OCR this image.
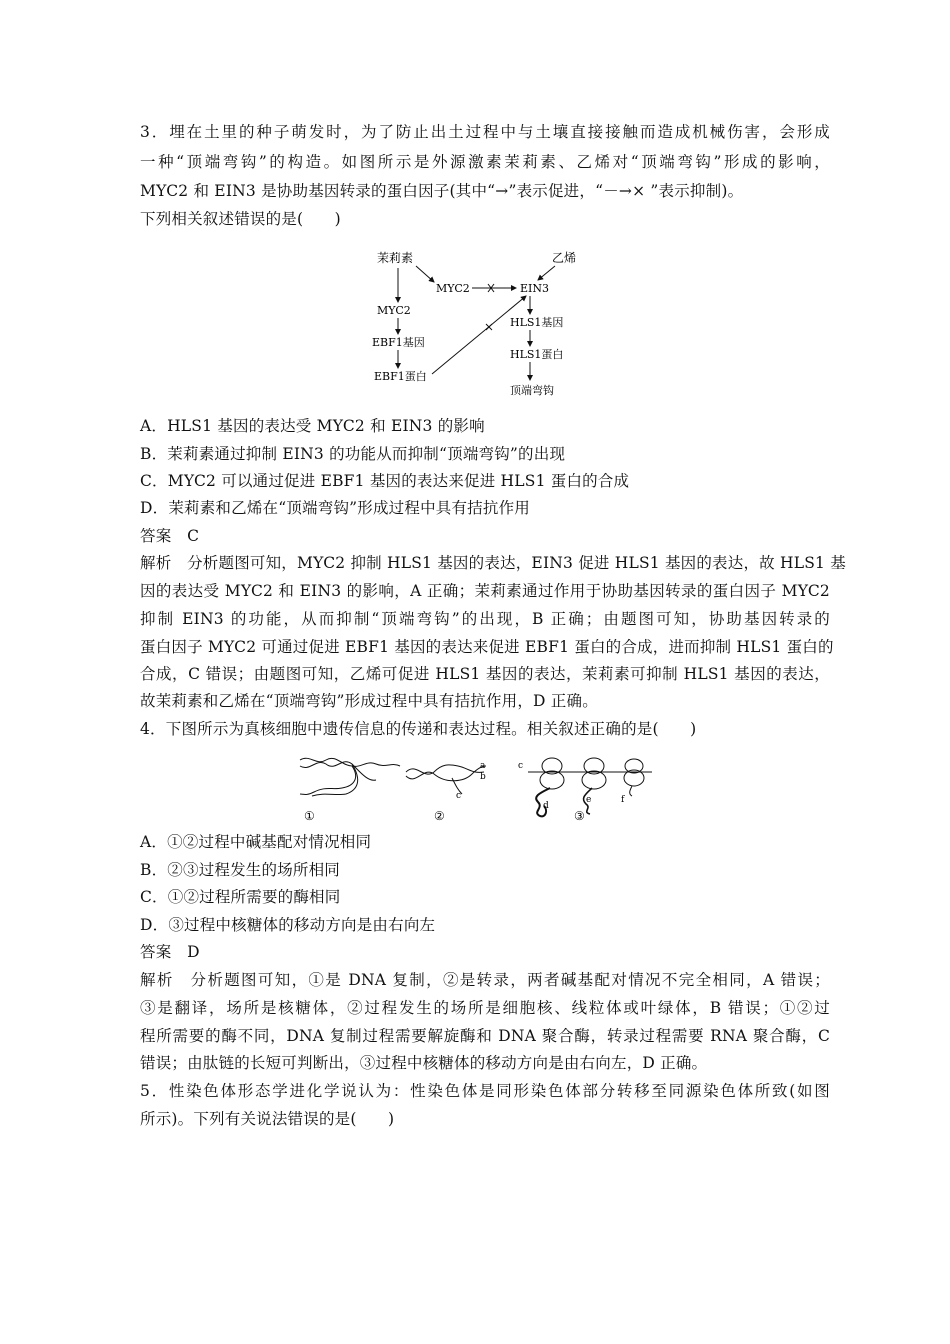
3．埋在土里的种子萌发时，为了防止出土过程中与土壤直接接触而造成机械伤害，会形成
一种“顶端弯钩”的构造。如图所示是外源激素茉莉素、乙烯对“顶端弯钩”形成的影响，
MYC2 和 EIN3 是协助基因转录的蛋白因子(其中“→”表示促进，“－→× ”表示抑制)。
下列相关叙述错误的是(　　)
茉莉素	乙烯
MYC2	EIN3
MYC2
EBF1基因
EBF1蛋白
HLS1基因
HLS1蛋白
顶端弯钩
A．HLS1 基因的表达受 MYC2 和 EIN3 的影响
B．茉莉素通过抑制 EIN3 的功能从而抑制“顶端弯钩”的出现
C．MYC2 可以通过促进 EBF1 基因的表达来促进 HLS1 蛋白的合成
D．茉莉素和乙烯在“顶端弯钩”形成过程中具有拮抗作用
答案　C
解析　分析题图可知，MYC2 抑制 HLS1 基因的表达，EIN3 促进 HLS1 基因的表达，故 HLS1 基
因的表达受 MYC2 和 EIN3 的影响，A 正确；茉莉素通过作用于协助基因转录的蛋白因子 MYC2
抑制 EIN3 的功能，从而抑制“顶端弯钩”的出现，B 正确；由题图可知，协助基因转录的
蛋白因子 MYC2 可通过促进 EBF1 基因的表达来促进 EBF1 蛋白的合成，进而抑制 HLS1 蛋白的
合成，C 错误；由题图可知，乙烯可促进 HLS1 基因的表达，茉莉素可抑制 HLS1 基因的表达，
故茉莉素和乙烯在“顶端弯钩”形成过程中具有拮抗作用，D 正确。
4．下图所示为真核细胞中遗传信息的传递和表达过程。相关叙述正确的是(　　)
a
b
c
c
d
e	f
①	②	③
A．①②过程中碱基配对情况相同
B．②③过程发生的场所相同
C．①②过程所需要的酶相同
D．③过程中核糖体的移动方向是由右向左
答案　D
解析　分析题图可知，①是 DNA 复制，②是转录，两者碱基配对情况不完全相同，A 错误；
③是翻译，场所是核糖体，②过程发生的场所是细胞核、线粒体或叶绿体，B 错误；①②过
程所需要的酶不同，DNA 复制过程需要解旋酶和 DNA 聚合酶，转录过程需要 RNA 聚合酶，C
错误；由肽链的长短可判断出，③过程中核糖体的移动方向是由右向左，D 正确。
5．性染色体形态学进化学说认为：性染色体是同形染色体部分转移至同源染色体所致(如图
所示)。下列有关说法错误的是(　　)
